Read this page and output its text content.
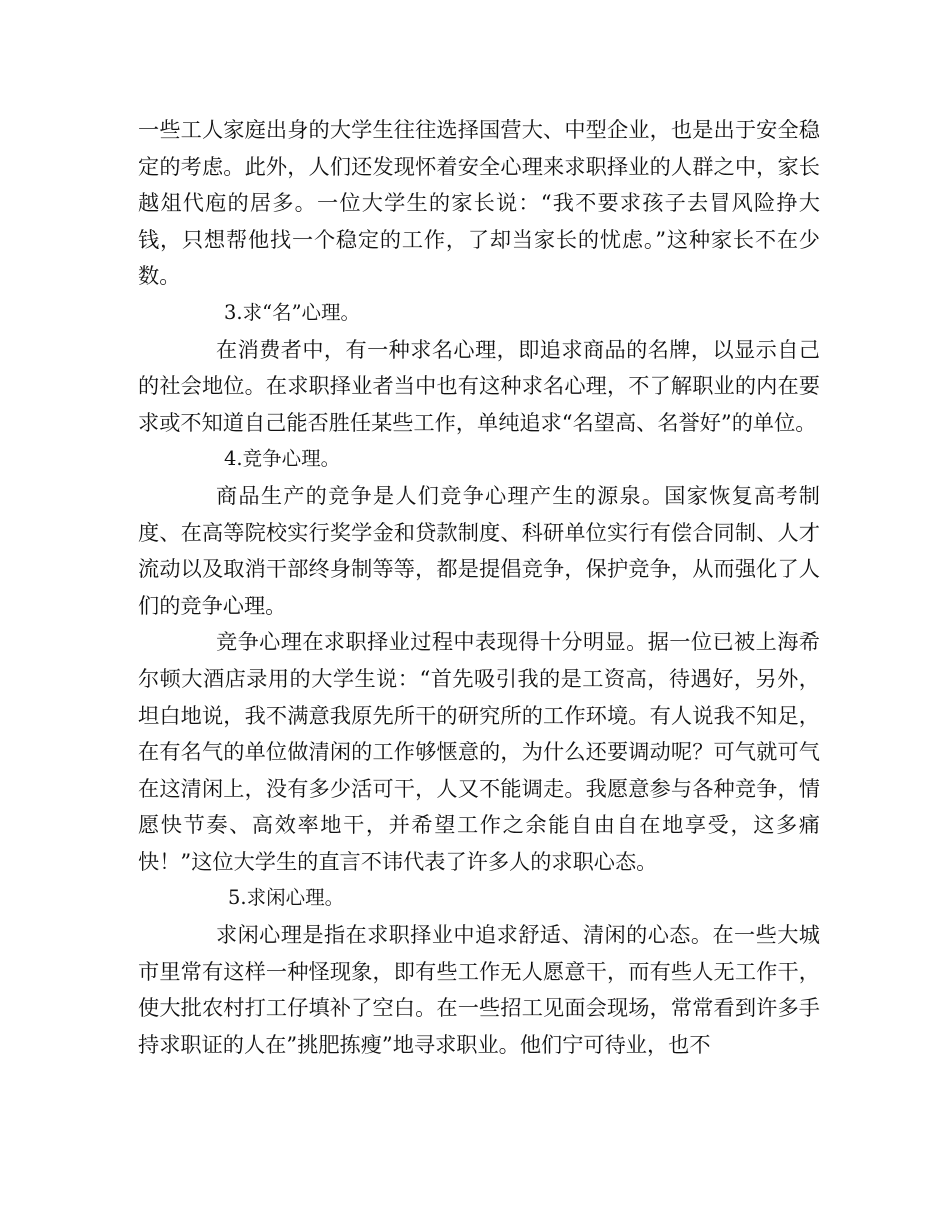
一些工人家庭出身的大学生往往选择国营大、中型企业，也是出于安全稳定的考虑。此外，人们还发现怀着安全心理来求职择业的人群之中，家长越俎代庖的居多。一位大学生的家长说：“我不要求孩子去冒风险挣大钱，只想帮他找一个稳定的工作，了却当家长的忧虑。”这种家长不在少数。

3.求“名”心理。

在消费者中，有一种求名心理，即追求商品的名牌，以显示自己的社会地位。在求职择业者当中也有这种求名心理，不了解职业的内在要求或不知道自己能否胜任某些工作，单纯追求“名望高、名誉好”的单位。

4.竞争心理。

商品生产的竞争是人们竞争心理产生的源泉。国家恢复高考制度、在高等院校实行奖学金和贷款制度、科研单位实行有偿合同制、人才流动以及取消干部终身制等等，都是提倡竞争，保护竞争，从而强化了人们的竞争心理。

竞争心理在求职择业过程中表现得十分明显。据一位已被上海希尔顿大酒店录用的大学生说：“首先吸引我的是工资高，待遇好，另外，坦白地说，我不满意我原先所干的研究所的工作环境。有人说我不知足，在有名气的单位做清闲的工作够惬意的，为什么还要调动呢？可气就可气在这清闲上，没有多少活可干，人又不能调走。我愿意参与各种竞争，情愿快节奏、高效率地干，并希望工作之余能自由自在地享受，这多痛快！”这位大学生的直言不讳代表了许多人的求职心态。

5.求闲心理。

求闲心理是指在求职择业中追求舒适、清闲的心态。在一些大城市里常有这样一种怪现象，即有些工作无人愿意干，而有些人无工作干，使大批农村打工仔填补了空白。在一些招工见面会现场，常常看到许多手持求职证的人在”挑肥拣瘦”地寻求职业。他们宁可待业，也不
